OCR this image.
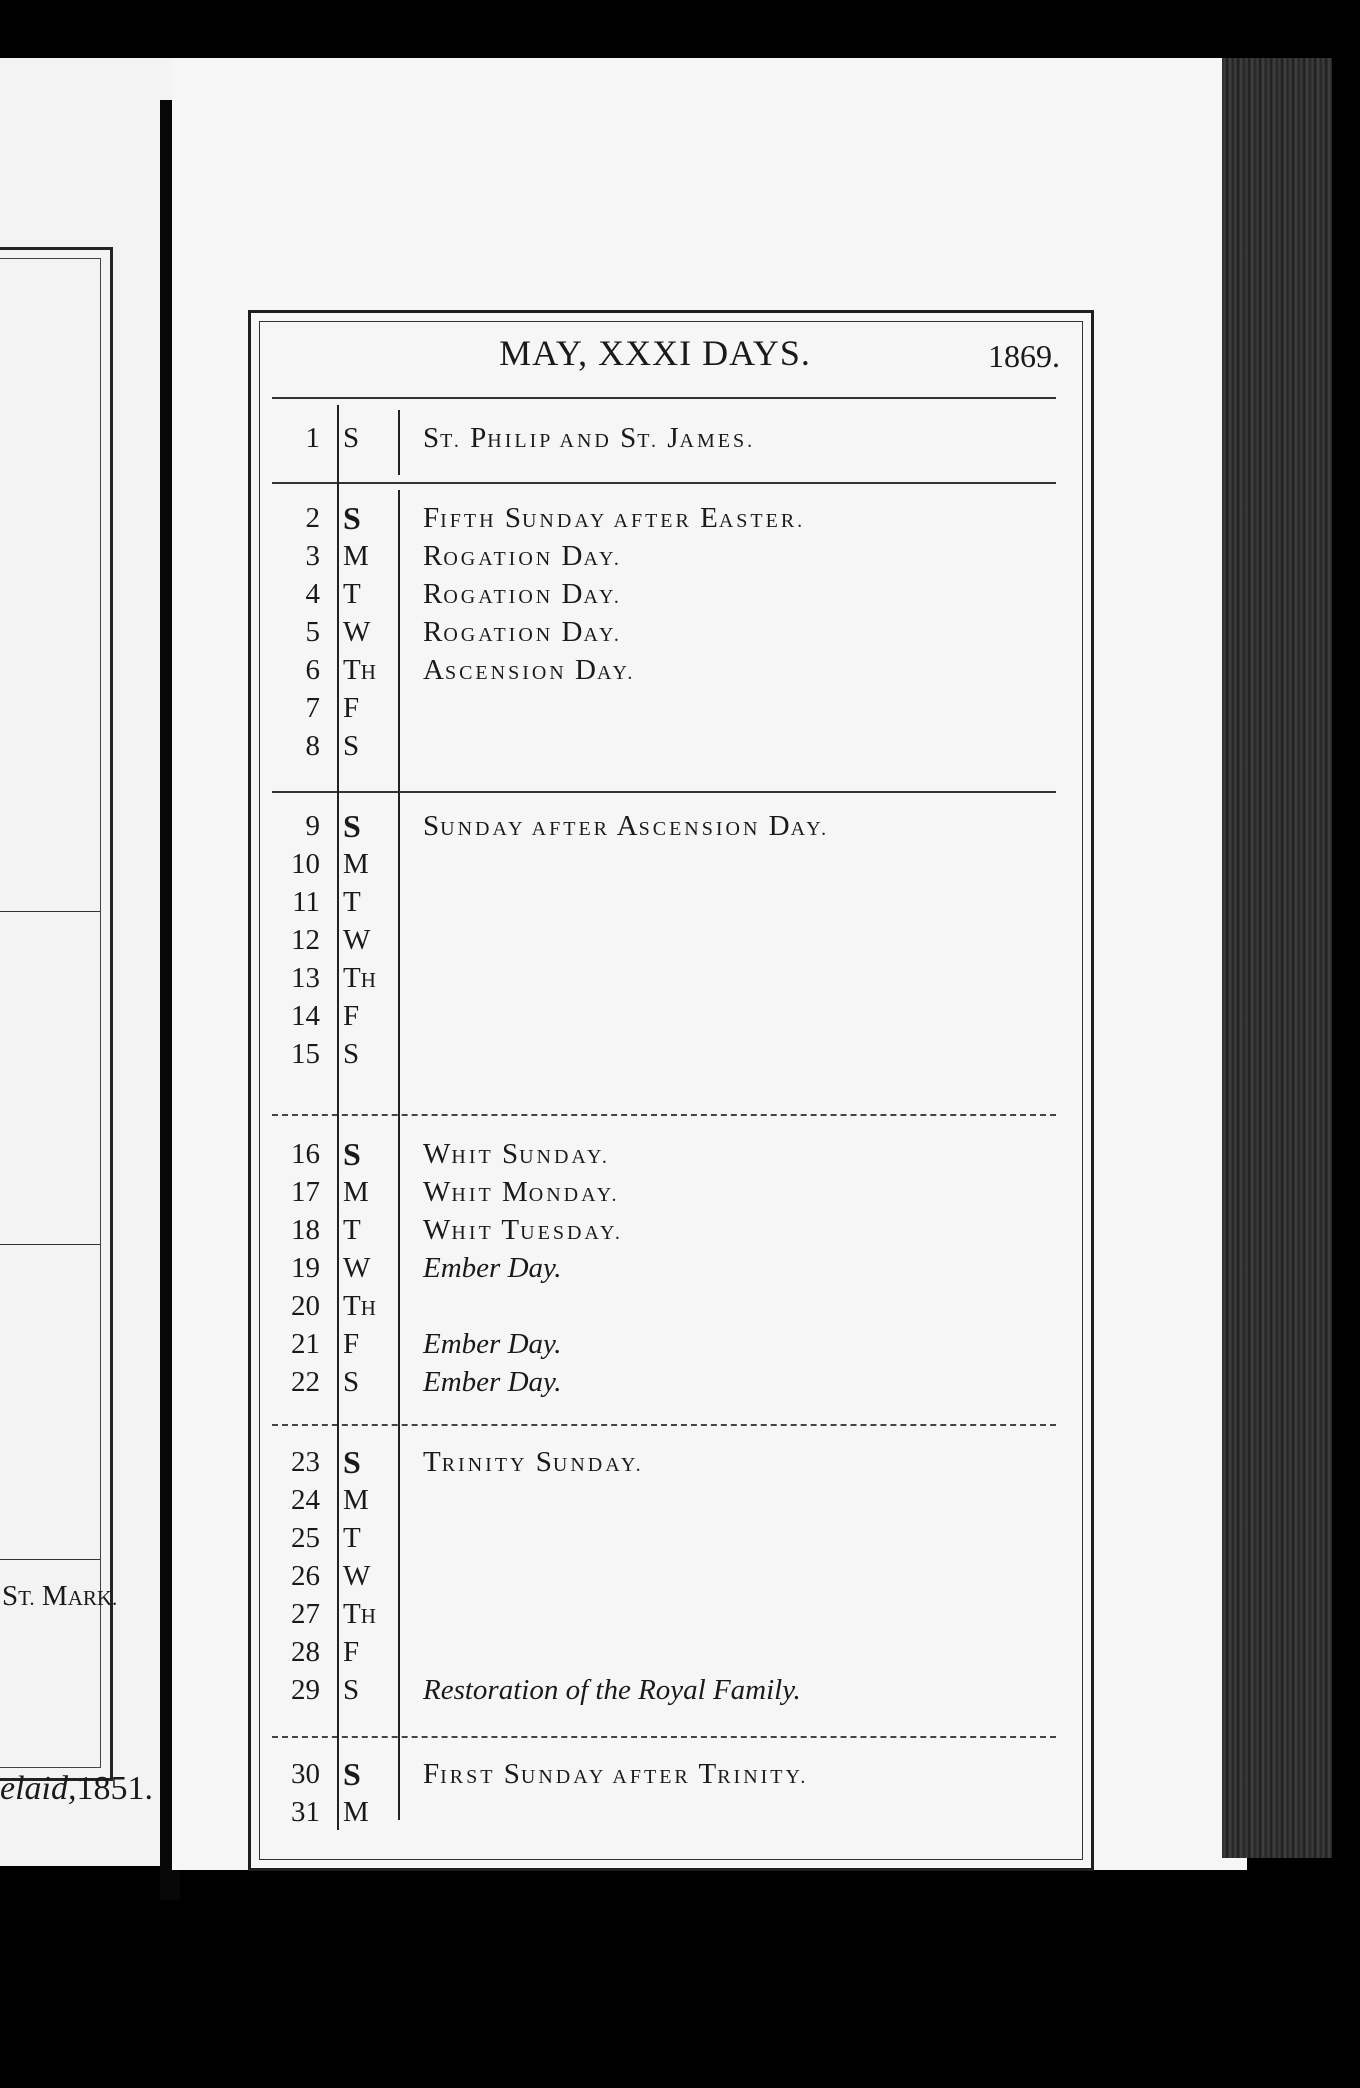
ST. MARK.
elaid,1851.
MAY, XXXI DAYS.	1869.
1 S
2 S
3 M
4 T
5 W
6 TH
7 F
8 S
9 S
10 M
11 T
12 W
13 TH
14 F
15 S
16 S
17 M
18 T
19 W
20 TH
21 F
22 S
23 S
24 M
25 T
26 W
27 TH
28 F
29 S
30 S
31 M
ST. PHILIP AND ST. JAMES.
FIFTH SUNDAY AFTER EASTER.
ROGATION DAY.
ROGATION DAY.
ROGATION DAY.
ASCENSION DAY.
SUNDAY AFTER ASCENSION DAY.
WHIT SUNDAY.
WHIT MONDAY.
WHIT TUESDAY.
Ember Day.
Ember Day.
Ember Day.
TRINITY SUNDAY.
Restoration of the Royal Family.
FIRST SUNDAY AFTER TRINITY.
